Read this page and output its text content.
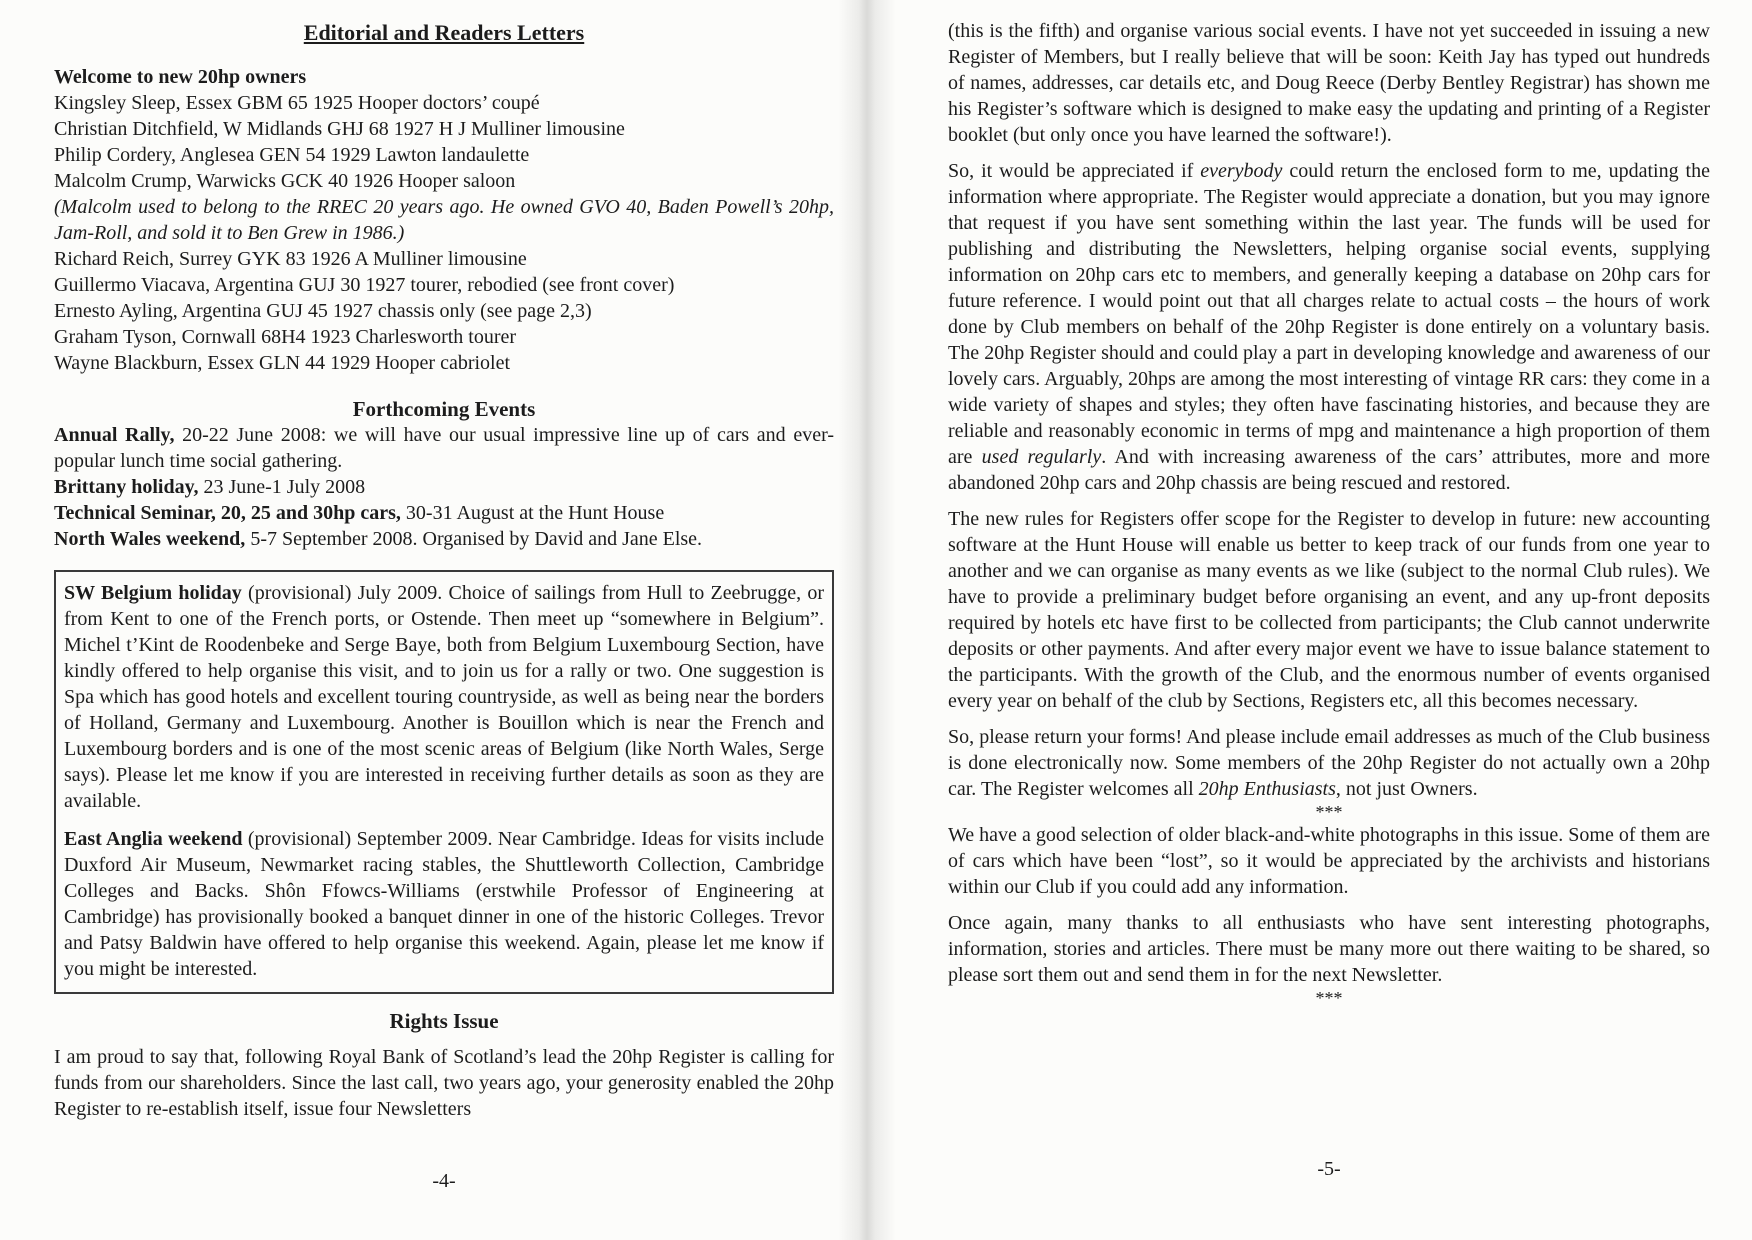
Editorial and Readers Letters
Welcome to new 20hp owners
Kingsley Sleep, Essex GBM 65 1925 Hooper doctors’ coupé
Christian Ditchfield, W Midlands GHJ 68 1927 H J Mulliner limousine
Philip Cordery, Anglesea GEN 54 1929 Lawton landaulette
Malcolm Crump, Warwicks GCK 40 1926 Hooper saloon

(Malcolm used to belong to the RREC 20 years ago. He owned GVO 40, Baden Powell’s 20hp, Jam-Roll, and sold it to Ben Grew in 1986.)

Richard Reich, Surrey GYK 83 1926 A Mulliner limousine
Guillermo Viacava, Argentina GUJ 30 1927 tourer, rebodied (see front cover)
Ernesto Ayling, Argentina GUJ 45 1927 chassis only (see page 2,3)
Graham Tyson, Cornwall 68H4 1923 Charlesworth tourer
Wayne Blackburn, Essex GLN 44 1929 Hooper cabriolet
Forthcoming Events

Annual Rally, 20-22 June 2008: we will have our usual impressive line up of cars and ever-popular lunch time social gathering.

Brittany holiday, 23 June-1 July 2008

Technical Seminar, 20, 25 and 30hp cars, 30-31 August at the Hunt House

North Wales weekend, 5-7 September 2008. Organised by David and Jane Else.

SW Belgium holiday (provisional) July 2009. Choice of sailings from Hull to Zeebrugge, or from Kent to one of the French ports, or Ostende. Then meet up “somewhere in Belgium”. Michel t’Kint de Roodenbeke and Serge Baye, both from Belgium Luxembourg Section, have kindly offered to help organise this visit, and to join us for a rally or two. One suggestion is Spa which has good hotels and excellent touring countryside, as well as being near the borders of Holland, Germany and Luxembourg. Another is Bouillon which is near the French and Luxembourg borders and is one of the most scenic areas of Belgium (like North Wales, Serge says). Please let me know if you are interested in receiving further details as soon as they are available.

East Anglia weekend (provisional) September 2009. Near Cambridge. Ideas for visits include Duxford Air Museum, Newmarket racing stables, the Shuttleworth Collection, Cambridge Colleges and Backs. Shôn Ffowcs-Williams (erstwhile Professor of Engineering at Cambridge) has provisionally booked a banquet dinner in one of the historic Colleges. Trevor and Patsy Baldwin have offered to help organise this weekend. Again, please let me know if you might be interested.

Rights Issue

I am proud to say that, following Royal Bank of Scotland’s lead the 20hp Register is calling for funds from our shareholders. Since the last call, two years ago, your generosity enabled the 20hp Register to re-establish itself, issue four Newsletters

-4-

(this is the fifth) and organise various social events. I have not yet succeeded in issuing a new Register of Members, but I really believe that will be soon: Keith Jay has typed out hundreds of names, addresses, car details etc, and Doug Reece (Derby Bentley Registrar) has shown me his Register’s software which is designed to make easy the updating and printing of a Register booklet (but only once you have learned the software!).

So, it would be appreciated if everybody could return the enclosed form to me, updating the information where appropriate. The Register would appreciate a donation, but you may ignore that request if you have sent something within the last year. The funds will be used for publishing and distributing the Newsletters, helping organise social events, supplying information on 20hp cars etc to members, and generally keeping a database on 20hp cars for future reference. I would point out that all charges relate to actual costs – the hours of work done by Club members on behalf of the 20hp Register is done entirely on a voluntary basis. The 20hp Register should and could play a part in developing knowledge and awareness of our lovely cars. Arguably, 20hps are among the most interesting of vintage RR cars: they come in a wide variety of shapes and styles; they often have fascinating histories, and because they are reliable and reasonably economic in terms of mpg and maintenance a high proportion of them are used regularly. And with increasing awareness of the cars’ attributes, more and more abandoned 20hp cars and 20hp chassis are being rescued and restored.

The new rules for Registers offer scope for the Register to develop in future: new accounting software at the Hunt House will enable us better to keep track of our funds from one year to another and we can organise as many events as we like (subject to the normal Club rules). We have to provide a preliminary budget before organising an event, and any up-front deposits required by hotels etc have first to be collected from participants; the Club cannot underwrite deposits or other payments. And after every major event we have to issue balance statement to the participants. With the growth of the Club, and the enormous number of events organised every year on behalf of the club by Sections, Registers etc, all this becomes necessary.

So, please return your forms! And please include email addresses as much of the Club business is done electronically now. Some members of the 20hp Register do not actually own a 20hp car. The Register welcomes all 20hp Enthusiasts, not just Owners.

***

We have a good selection of older black-and-white photographs in this issue. Some of them are of cars which have been “lost”, so it would be appreciated by the archivists and historians within our Club if you could add any information.

Once again, many thanks to all enthusiasts who have sent interesting photographs, information, stories and articles. There must be many more out there waiting to be shared, so please sort them out and send them in for the next Newsletter.

***
-5-
